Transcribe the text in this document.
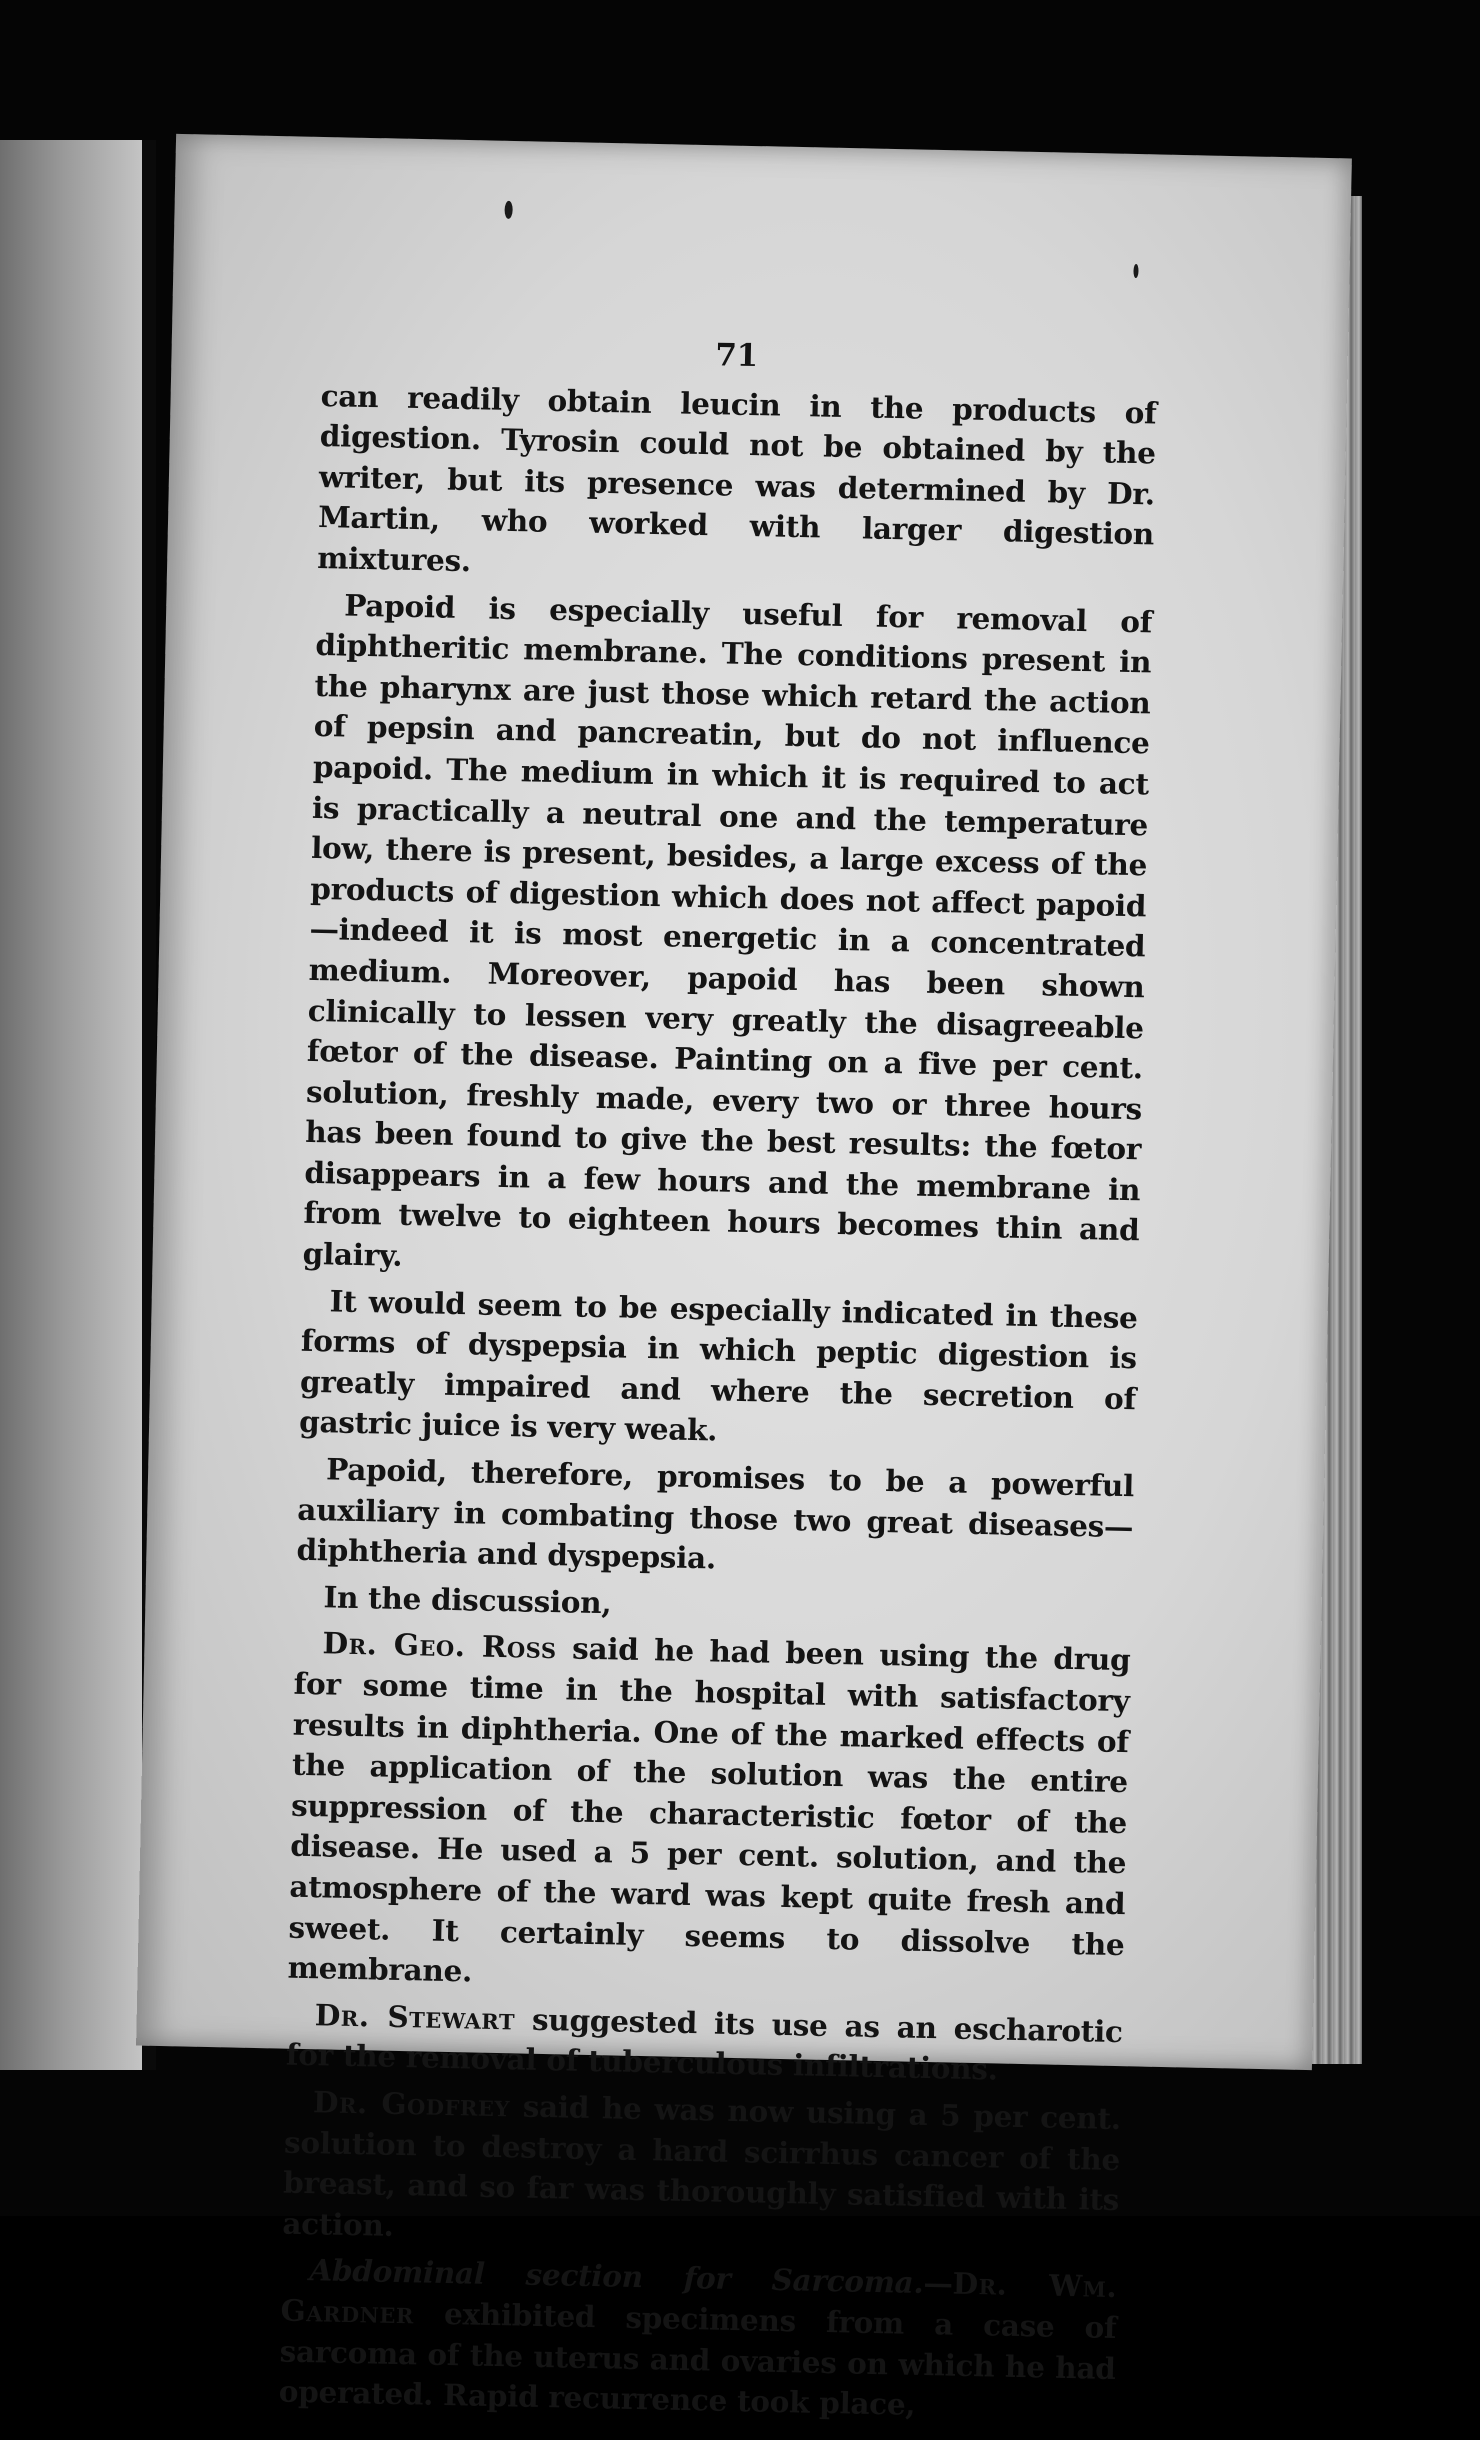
71

can readily obtain leucin in the products of digestion. Tyrosin could not be obtained by the writer, but its presence was determined by Dr. Martin, who worked with larger digestion mixtures.

Papoid is especially useful for removal of diphtheritic membrane. The conditions present in the pharynx are just those which retard the action of pepsin and pancreatin, but do not influence papoid. The medium in which it is required to act is practically a neutral one and the temperature low, there is present, besides, a large excess of the products of digestion which does not affect papoid—indeed it is most energetic in a concentrated medium. Moreover, papoid has been shown clinically to lessen very greatly the disagreeable fœtor of the disease. Painting on a five per cent. solution, freshly made, every two or three hours has been found to give the best results: the fœtor disappears in a few hours and the membrane in from twelve to eighteen hours becomes thin and glairy.

It would seem to be especially indicated in these forms of dyspepsia in which peptic digestion is greatly impaired and where the secretion of gastric juice is very weak.

Papoid, therefore, promises to be a powerful auxiliary in combating those two great diseases—diphtheria and dyspepsia.

In the discussion,

Dr. Geo. Ross said he had been using the drug for some time in the hospital with satisfactory results in diphtheria. One of the marked effects of the application of the solution was the entire suppression of the characteristic fœtor of the disease. He used a 5 per cent. solution, and the atmosphere of the ward was kept quite fresh and sweet. It certainly seems to dissolve the membrane.

Dr. Stewart suggested its use as an escharotic for the removal of tuberculous infiltrations.

Dr. Godfrey said he was now using a 5 per cent. solution to destroy a hard scirrhus cancer of the breast, and so far was thoroughly satisfied with its action.

Abdominal section for Sarcoma.—Dr. Wm. Gardner exhibited specimens from a case of sarcoma of the uterus and ovaries on which he had operated. Rapid recurrence took place,
